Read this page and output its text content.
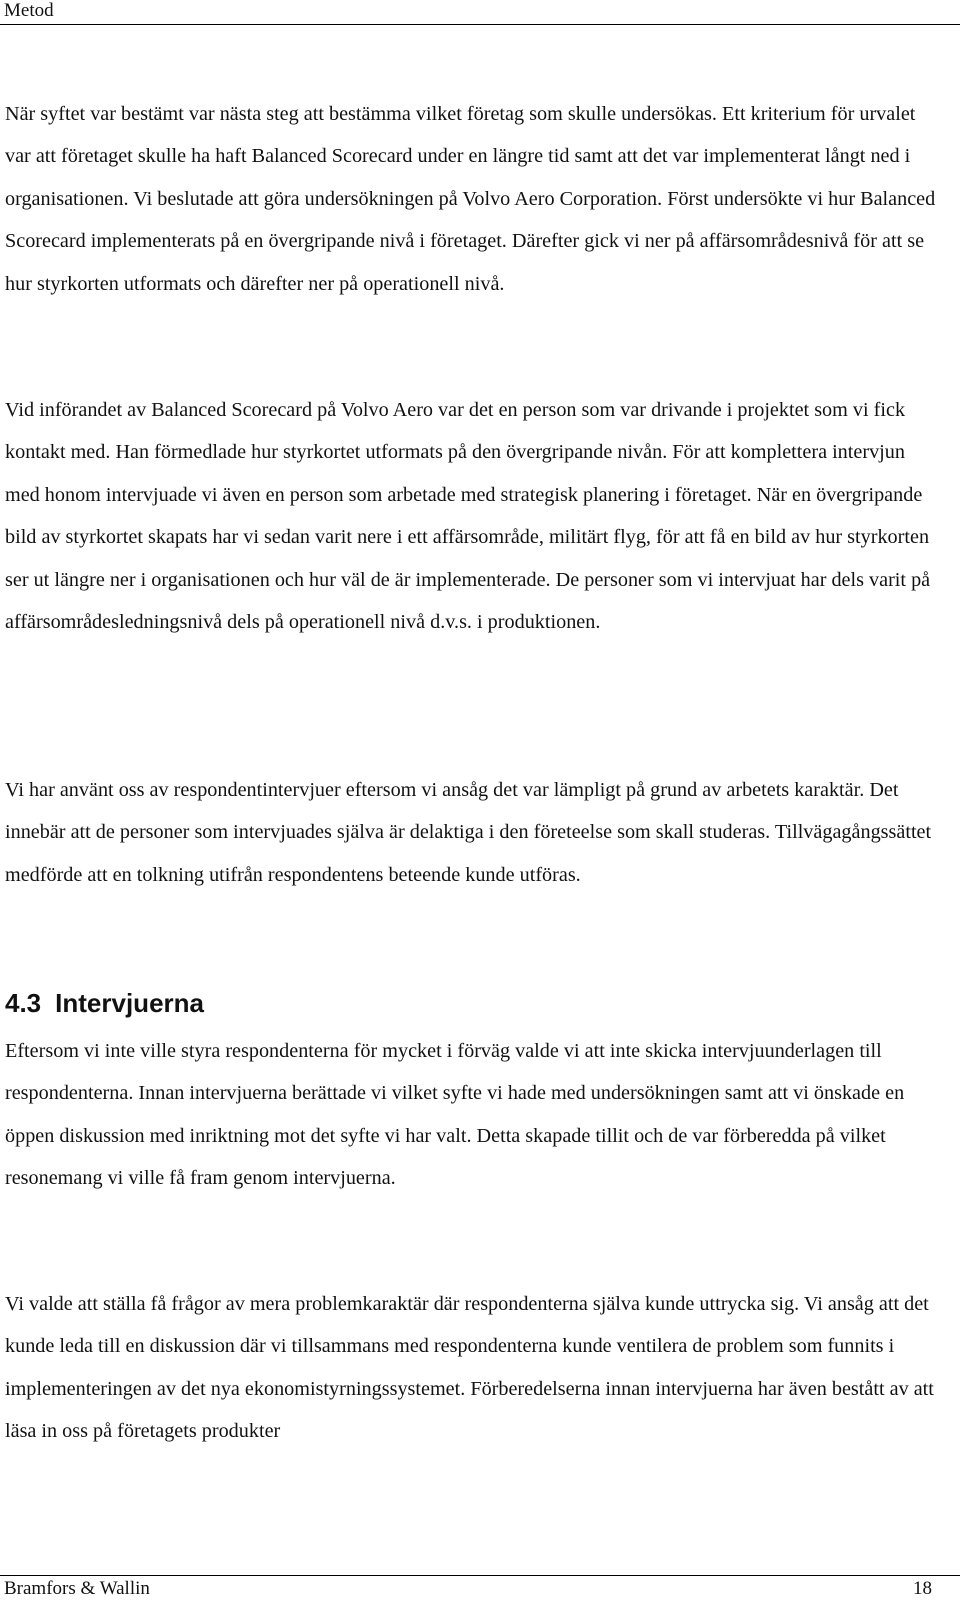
Metod

När syftet var bestämt var nästa steg att bestämma vilket företag som skulle undersökas. Ett kriterium för urvalet var att företaget skulle ha haft Balanced Scorecard under en längre tid samt att det var implementerat långt ned i organisationen. Vi beslutade att göra undersökningen på Volvo Aero Corporation. Först undersökte vi hur Balanced Scorecard implementerats på en övergripande nivå i företaget. Därefter gick vi ner på affärsområdesnivå för att se hur styrkorten utformats och därefter ner på operationell nivå.

Vid införandet av Balanced Scorecard på Volvo Aero var det en person som var drivande i projektet som vi fick kontakt med. Han förmedlade hur styrkortet utformats på den övergripande nivån. För att komplettera intervjun med honom intervjuade vi även en person som arbetade med strategisk planering i företaget. När en övergripande bild av styrkortet skapats har vi sedan varit nere i ett affärsområde, militärt flyg, för att få en bild av hur styrkorten ser ut längre ner i organisationen och hur väl de är implementerade. De personer som vi intervjuat har dels varit på affärsområdesledningsnivå dels på operationell nivå d.v.s. i produktionen.

Vi har använt oss av respondentintervjuer eftersom vi ansåg det var lämpligt på grund av arbetets karaktär. Det innebär att de personer som intervjuades själva är delaktiga i den företeelse som skall studeras. Tillvägagångssättet medförde att en tolkning utifrån respondentens beteende kunde utföras.

4.3 Intervjuerna

Eftersom vi inte ville styra respondenterna för mycket i förväg valde vi att inte skicka intervjuunderlagen till respondenterna. Innan intervjuerna berättade vi vilket syfte vi hade med undersökningen samt att vi önskade en öppen diskussion med inriktning mot det syfte vi har valt. Detta skapade tillit och de var förberedda på vilket resonemang vi ville få fram genom intervjuerna.

Vi valde att ställa få frågor av mera problemkaraktär där respondenterna själva kunde uttrycka sig. Vi ansåg att det kunde leda till en diskussion där vi tillsammans med respondenterna kunde ventilera de problem som funnits i implementeringen av det nya ekonomistyrningssystemet. Förberedelserna innan intervjuerna har även bestått av att läsa in oss på företagets produkter

Bramfors & Wallin	18
